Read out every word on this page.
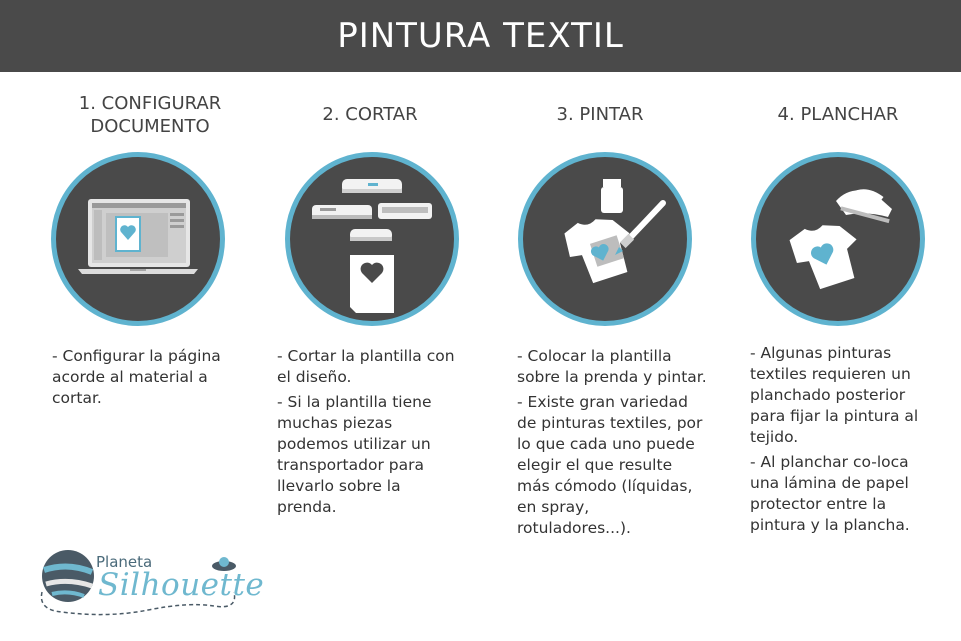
PINTURA TEXTIL
1. CONFIGURAR
DOCUMENTO
2. CORTAR	3. PINTAR	4. PLANCHAR

- Configurar la página acorde al material a cortar.

- Cortar la plantilla con el diseño.

- Si la plantilla tiene muchas piezas podemos utilizar un transportador para llevarlo sobre la prenda.

- Colocar la plantilla sobre la prenda y pintar.

- Existe gran variedad de pinturas textiles, por lo que cada uno puede elegir el que resulte más cómodo (líquidas, en spray, rotuladores...).

- Algunas pinturas textiles requieren un planchado posterior para fijar la pintura al tejido.

- Al planchar co-loca una lámina de papel protector entre la pintura y la plancha.

Planeta
Silhouette
